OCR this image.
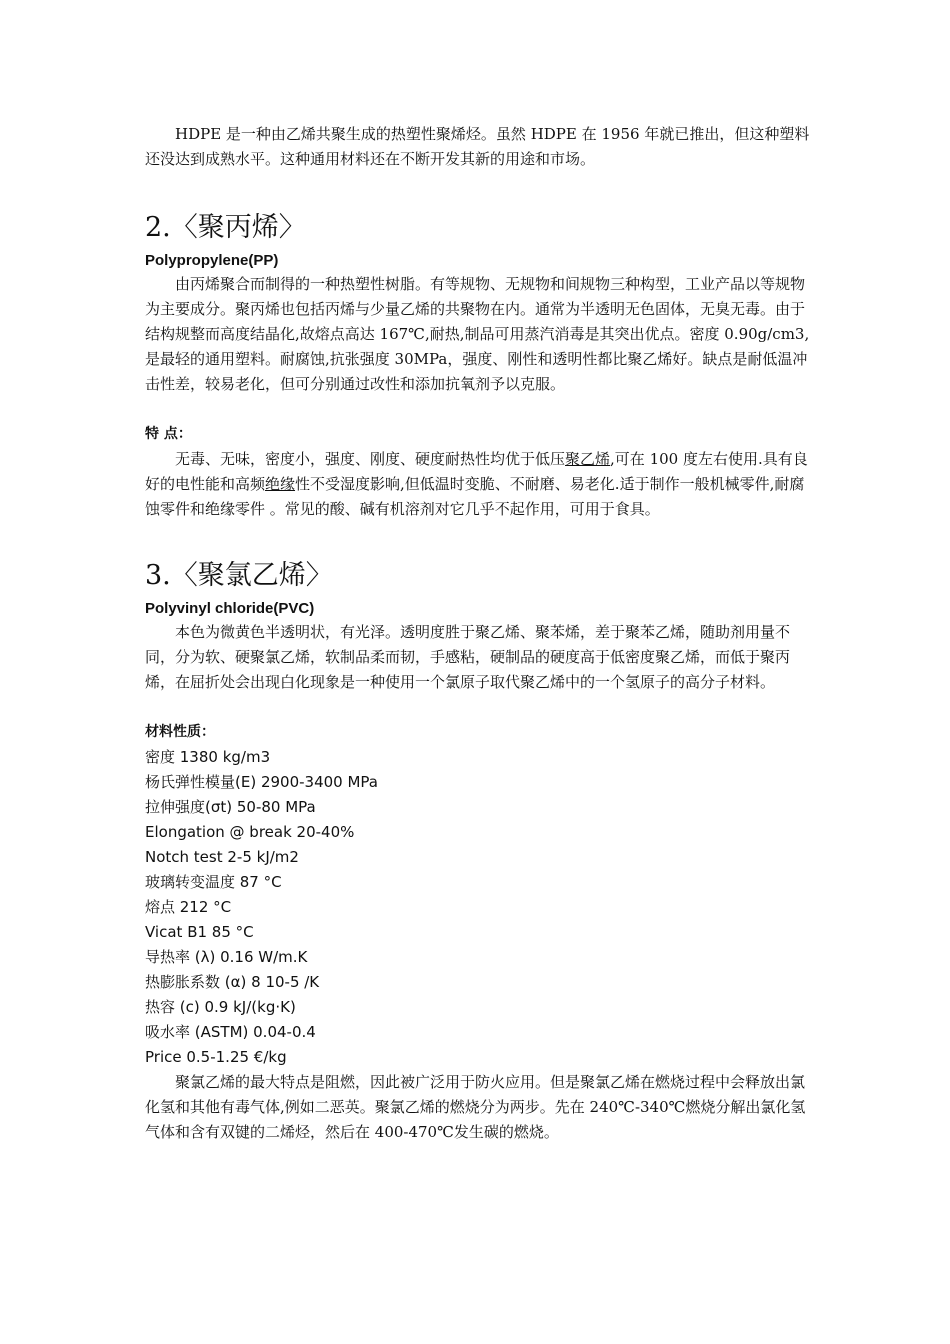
HDPE 是一种由乙烯共聚生成的热塑性聚烯烃。虽然 HDPE 在 1956 年就已推出，但这种塑料还没达到成熟水平。这种通用材料还在不断开发其新的用途和市场。

2.〈聚丙烯〉
Polypropylene(PP)

由丙烯聚合而制得的一种热塑性树脂。有等规物、无规物和间规物三种构型，工业产品以等规物为主要成分。聚丙烯也包括丙烯与少量乙烯的共聚物在内。通常为半透明无色固体，无臭无毒。由于结构规整而高度结晶化,故熔点高达 167℃,耐热,制品可用蒸汽消毒是其突出优点。密度 0.90g/cm3,是最轻的通用塑料。耐腐蚀,抗张强度 30MPa，强度、刚性和透明性都比聚乙烯好。缺点是耐低温冲击性差，较易老化，但可分别通过改性和添加抗氧剂予以克服。

特 点：

无毒、无味，密度小，强度、刚度、硬度耐热性均优于低压聚乙烯,可在 100 度左右使用.具有良好的电性能和高频绝缘性不受湿度影响,但低温时变脆、不耐磨、易老化.适于制作一般机械零件,耐腐蚀零件和绝缘零件 。常见的酸、碱有机溶剂对它几乎不起作用，可用于食具。

3.〈聚氯乙烯〉
Polyvinyl chloride(PVC)

本色为微黄色半透明状，有光泽。透明度胜于聚乙烯、聚苯烯，差于聚苯乙烯，随助剂用量不同，分为软、硬聚氯乙烯，软制品柔而韧，手感粘，硬制品的硬度高于低密度聚乙烯，而低于聚丙烯，在屈折处会出现白化现象是一种使用一个氯原子取代聚乙烯中的一个氢原子的高分子材料。

材料性质：
密度 1380 kg/m3
杨氏弹性模量(E) 2900-3400 MPa
拉伸强度(σt) 50-80 MPa
Elongation @ break 20-40%
Notch test 2-5 kJ/m2
玻璃转变温度 87 °C
熔点 212 °C
Vicat B1 85 °C
导热率 (λ) 0.16 W/m.K
热膨胀系数 (α) 8 10-5 /K
热容 (c) 0.9 kJ/(kg·K)
吸水率 (ASTM) 0.04-0.4
Price 0.5-1.25 €/kg

聚氯乙烯的最大特点是阻燃，因此被广泛用于防火应用。但是聚氯乙烯在燃烧过程中会释放出氯化氢和其他有毒气体,例如二恶英。聚氯乙烯的燃烧分为两步。先在 240℃-340℃燃烧分解出氯化氢气体和含有双键的二烯烃，然后在 400-470℃发生碳的燃烧。
